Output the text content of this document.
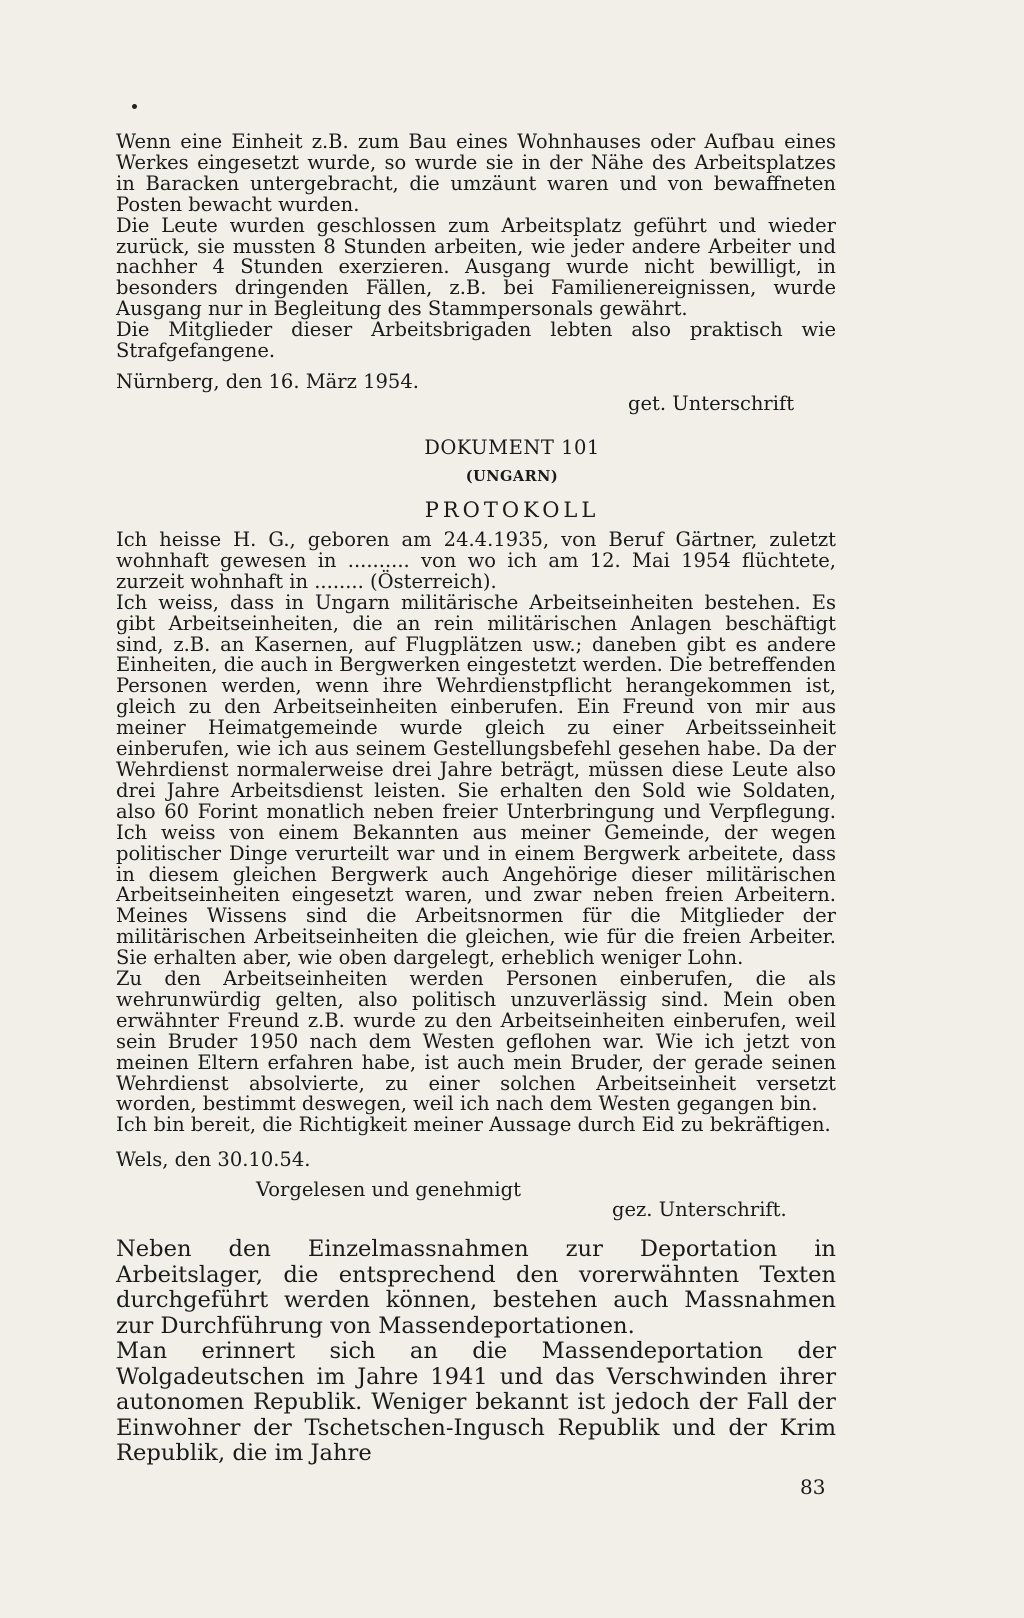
Wenn eine Einheit z.B. zum Bau eines Wohnhauses oder Aufbau eines Werkes eingesetzt wurde, so wurde sie in der Nähe des Arbeitsplatzes in Baracken untergebracht, die umzäunt waren und von bewaffneten Posten bewacht wurden.

Die Leute wurden geschlossen zum Arbeitsplatz geführt und wieder zurück, sie mussten 8 Stunden arbeiten, wie jeder andere Arbeiter und nachher 4 Stunden exerzieren. Ausgang wurde nicht bewilligt, in besonders dringenden Fällen, z.B. bei Familienereignissen, wurde Ausgang nur in Begleitung des Stammpersonals gewährt.

Die Mitglieder dieser Arbeitsbrigaden lebten also praktisch wie Strafgefangene.

Nürnberg, den 16. März 1954.
get. Unterschrift
DOKUMENT 101
(UNGARN)
PROTOKOLL

Ich heisse H. G., geboren am 24.4.1935, von Beruf Gärtner, zuletzt wohnhaft gewesen in .......... von wo ich am 12. Mai 1954 flüchtete, zurzeit wohnhaft in ........ (Österreich).

Ich weiss, dass in Ungarn militärische Arbeitseinheiten bestehen. Es gibt Arbeitseinheiten, die an rein militärischen Anlagen beschäftigt sind, z.B. an Kasernen, auf Flugplätzen usw.; daneben gibt es andere Einheiten, die auch in Bergwerken eingestetzt werden. Die betreffenden Personen werden, wenn ihre Wehrdienstpflicht herangekommen ist, gleich zu den Arbeitseinheiten einberufen. Ein Freund von mir aus meiner Heimatgemeinde wurde gleich zu einer Arbeitsseinheit einberufen, wie ich aus seinem Gestellungsbefehl gesehen habe. Da der Wehrdienst normalerweise drei Jahre beträgt, müssen diese Leute also drei Jahre Arbeitsdienst leisten. Sie erhalten den Sold wie Soldaten, also 60 Forint monatlich neben freier Unterbringung und Verpflegung. Ich weiss von einem Bekannten aus meiner Gemeinde, der wegen politischer Dinge verurteilt war und in einem Bergwerk arbeitete, dass in diesem gleichen Bergwerk auch Angehörige dieser militärischen Arbeitseinheiten eingesetzt waren, und zwar neben freien Arbeitern. Meines Wissens sind die Arbeitsnormen für die Mitglieder der militärischen Arbeitseinheiten die gleichen, wie für die freien Arbeiter. Sie erhalten aber, wie oben dargelegt, erheblich weniger Lohn.

Zu den Arbeitseinheiten werden Personen einberufen, die als wehrunwürdig gelten, also politisch unzuverlässig sind. Mein oben erwähnter Freund z.B. wurde zu den Arbeitseinheiten einberufen, weil sein Bruder 1950 nach dem Westen geflohen war. Wie ich jetzt von meinen Eltern erfahren habe, ist auch mein Bruder, der gerade seinen Wehrdienst absolvierte, zu einer solchen Arbeitseinheit versetzt worden, bestimmt deswegen, weil ich nach dem Westen gegangen bin.

Ich bin bereit, die Richtigkeit meiner Aussage durch Eid zu bekräftigen.

Wels, den 30.10.54.
Vorgelesen und genehmigt
gez. Unterschrift.

Neben den Einzelmassnahmen zur Deportation in Arbeitslager, die entsprechend den vorerwähnten Texten durchgeführt werden können, bestehen auch Massnahmen zur Durchführung von Massendeportationen.

Man erinnert sich an die Massendeportation der Wolgadeutschen im Jahre 1941 und das Verschwinden ihrer autonomen Republik. Weniger bekannt ist jedoch der Fall der Einwohner der Tschetschen-Ingusch Republik und der Krim Republik, die im Jahre

83
